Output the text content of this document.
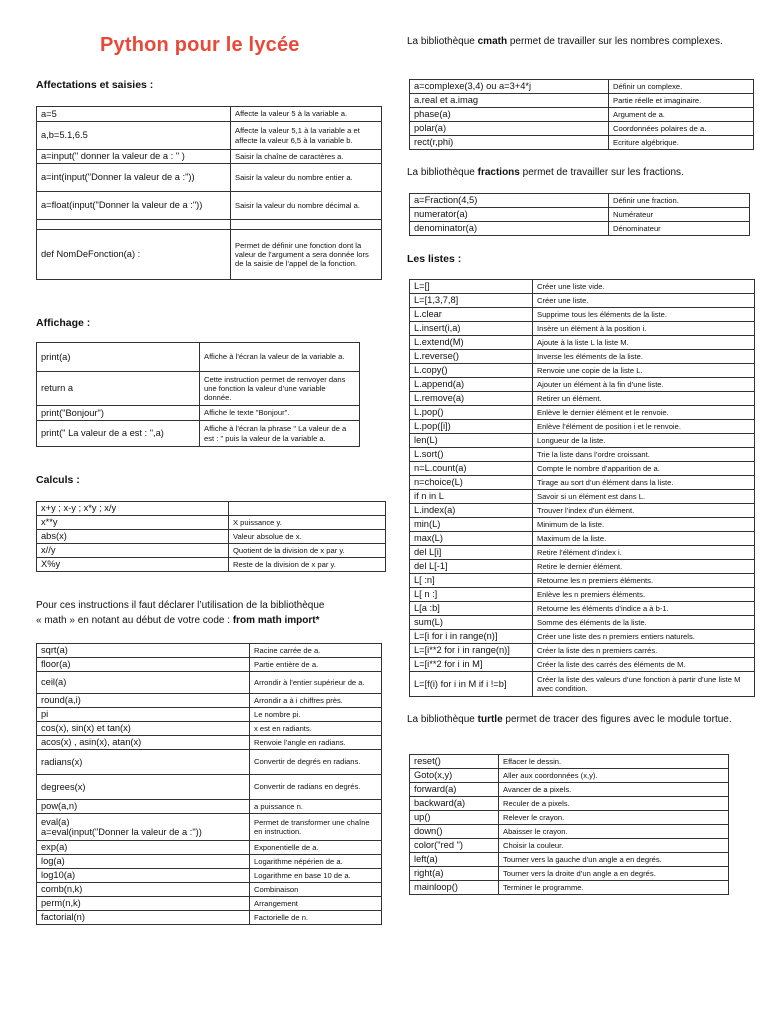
Python pour le lycée
Affectations et saisies :
a=5	Affecte la valeur 5 à la variable a.
a,b=5.1,6.5	Affecte la valeur 5,1 à la variable a et affecte la valeur 6,5 à la variable b.
a=input(" donner la valeur de a : " )	Saisir la chaîne de caractères a.
a=int(input("Donner la valeur de a :"))	Saisir la valeur du nombre entier a.
a=float(input("Donner la valeur de a :"))	Saisir la valeur du nombre décimal a.

def NomDeFonction(a) :	Permet de définir une fonction dont la valeur de l’argument a sera donnée lors de la saisie de l’appel de la fonction.
Affichage :
print(a)	Affiche à l’écran la valeur de la variable a.
return a	Cette instruction permet de renvoyer dans une fonction la valeur d’une variable donnée.
print("Bonjour")	Affiche le texte "Bonjour".
print(" La valeur de a est : ",a)	Affiche à l’écran la phrase " La valeur de a est : " puis la valeur de la variable a.
Calculs :
x+y ; x-y ; x*y ; x/y	
x**y	X puissance y.
abs(x)	Valeur absolue de x.
x//y	Quotient de la division de x par y.
X%y	Reste de la division de x par y.
Pour ces instructions il faut déclarer l’utilisation de la bibliothèque
« math » en notant au début de votre code : from math import*
sqrt(a)	Racine carrée de a.
floor(a)	Partie entière de a.
ceil(a)	Arrondir à l’entier supérieur de a.
round(a,i)	Arrondir a à i chiffres près.
pi	Le nombre pi.
cos(x), sin(x) et tan(x)	x est en radiants.
acos(x) , asin(x), atan(x)	Renvoie l’angle en radians.
radians(x)	Convertir de degrés en radians.
degrees(x)	Convertir de radians en degrés.
pow(a,n)	a puissance n.
eval(a)
a=eval(input("Donner la valeur de a :"))	Permet de transformer une chaîne en instruction.
exp(a)	Exponentielle de a.
log(a)	Logarithme népérien de a.
log10(a)	Logarithme en base 10 de a.
comb(n,k)	Combinaison
perm(n,k)	Arrangement
factorial(n)	Factorielle de n.
La bibliothèque cmath permet de travailler sur les nombres complexes.
a=complexe(3,4) ou a=3+4*j	Définir un complexe.
a.real et a.imag	Partie réelle et imaginaire.
phase(a)	Argument de a.
polar(a)	Coordonnées polaires de a.
rect(r,phi)	Ecriture algébrique.
La bibliothèque fractions permet de travailler sur les fractions.
a=Fraction(4,5)	Définir une fraction.
numerator(a)	Numérateur
denominator(a)	Dénominateur
Les listes :
L=[]	Créer une liste vide.
L=[1,3,7,8]	Créer une liste.
L.clear	Supprime tous les éléments de la liste.
L.insert(i,a)	Insère un élément à la position i.
L.extend(M)	Ajoute à la liste L la liste M.
L.reverse()	Inverse les éléments de la liste.
L.copy()	Renvoie une copie de la liste L.
L.append(a)	Ajouter un élément à la fin d’une liste.
L.remove(a)	Retirer un élément.
L.pop()	Enlève le dernier élément et le renvoie.
L.pop([i])	Enlève l’élément de position i et le renvoie.
len(L)	Longueur de la liste.
L.sort()	Trie la liste dans l’ordre croissant.
n=L.count(a)	Compte le nombre d’apparition de a.
n=choice(L)	Tirage au sort d’un élément dans la liste.
if n in L	Savoir si un élément est dans L.
L.index(a)	Trouver l’index d’un élément.
min(L)	Minimum de la liste.
max(L)	Maximum de la liste.
del L[i]	Retire l’élément d’index i.
del L[-1]	Retire le dernier élément.
L[ :n]	Retourne les n premiers éléments.
L[ n :]	Enlève les n premiers éléments.
L[a :b]	Retourne les éléments d’indice a à b-1.
sum(L)	Somme des éléments de la liste.
L=[i for i in range(n)]	Créer une liste des n premiers entiers naturels.
L=[i**2 for i in range(n)]	Créer la liste des n premiers carrés.
L=[i**2 for i in M]	Créer la liste des carrés des éléments de M.
L=[f(i) for i in M if i !=b]	Créer la liste des valeurs d’une fonction à partir d’une liste M avec condition.
La bibliothèque turtle permet de tracer des figures avec le module tortue.
reset()	Effacer le dessin.
Goto(x,y)	Aller aux coordonnées (x,y).
forward(a)	Avancer de a pixels.
backward(a)	Reculer de a pixels.
up()	Relever le crayon.
down()	Abaisser le crayon.
color("red ")	Choisir la couleur.
left(a)	Tourner vers la gauche d’un angle a en degrés.
right(a)	Tourner vers la droite d’un angle a en degrés.
mainloop()	Terminer le programme.
